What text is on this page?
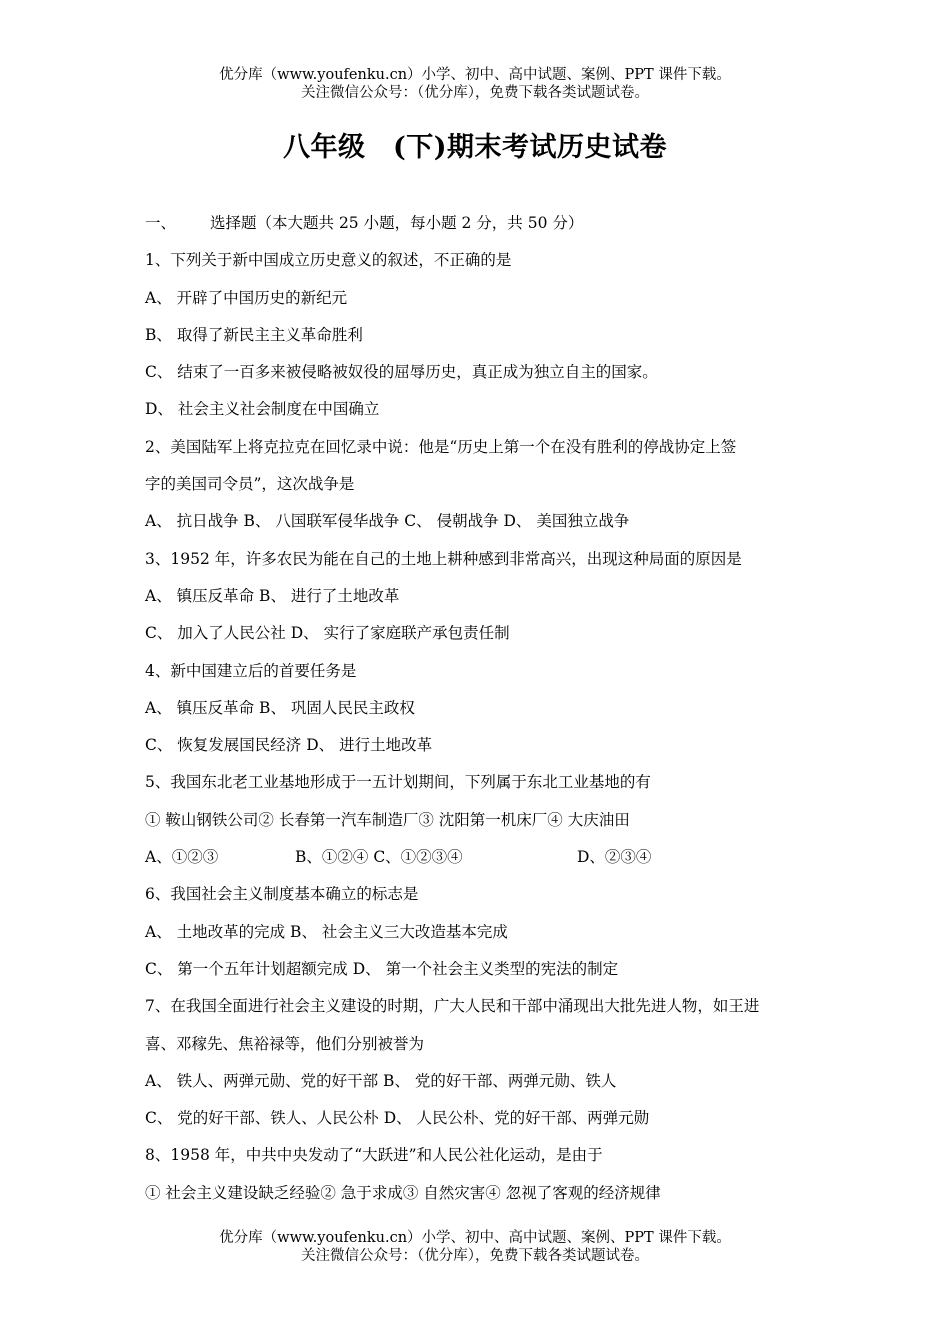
优分库（www.youfenku.cn）小学、初中、高中试题、案例、PPT 课件下载。
关注微信公众号：（优分库），免费下载各类试题试卷。
八年级　(下)期末考试历史试卷
一、 选择题（本大题共 25 小题，每小题 2 分，共 50 分）
1、下列关于新中国成立历史意义的叙述，不正确的是
A、 开辟了中国历史的新纪元
B、 取得了新民主主义革命胜利
C、 结束了一百多来被侵略被奴役的屈辱历史，真正成为独立自主的国家。
D、 社会主义社会制度在中国确立
2、美国陆军上将克拉克在回忆录中说：他是“历史上第一个在没有胜利的停战协定上签
字的美国司令员”，这次战争是
A、 抗日战争 B、 八国联军侵华战争 C、 侵朝战争 D、 美国独立战争
3、1952 年，许多农民为能在自己的土地上耕种感到非常高兴，出现这种局面的原因是
A、 镇压反革命 B、 进行了土地改革
C、 加入了人民公社 D、 实行了家庭联产承包责任制
4、新中国建立后的首要任务是
A、 镇压反革命 B、 巩固人民民主政权
C、 恢复发展国民经济 D、 进行土地改革
5、我国东北老工业基地形成于一五计划期间，下列属于东北工业基地的有
① 鞍山钢铁公司② 长春第一汽车制造厂③ 沈阳第一机床厂④ 大庆油田
A、①②③	B、①②④ C、①②③④	D、②③④
6、我国社会主义制度基本确立的标志是
A、 土地改革的完成 B、 社会主义三大改造基本完成
C、 第一个五年计划超额完成 D、 第一个社会主义类型的宪法的制定
7、在我国全面进行社会主义建设的时期，广大人民和干部中涌现出大批先进人物，如王进
喜、邓稼先、焦裕禄等，他们分别被誉为
A、 铁人、两弹元勋、党的好干部 B、 党的好干部、两弹元勋、铁人
C、 党的好干部、铁人、人民公朴 D、 人民公朴、党的好干部、两弹元勋
8、1958 年，中共中央发动了“大跃进”和人民公社化运动，是由于
① 社会主义建设缺乏经验② 急于求成③ 自然灾害④ 忽视了客观的经济规律
优分库（www.youfenku.cn）小学、初中、高中试题、案例、PPT 课件下载。
关注微信公众号：（优分库），免费下载各类试题试卷。
